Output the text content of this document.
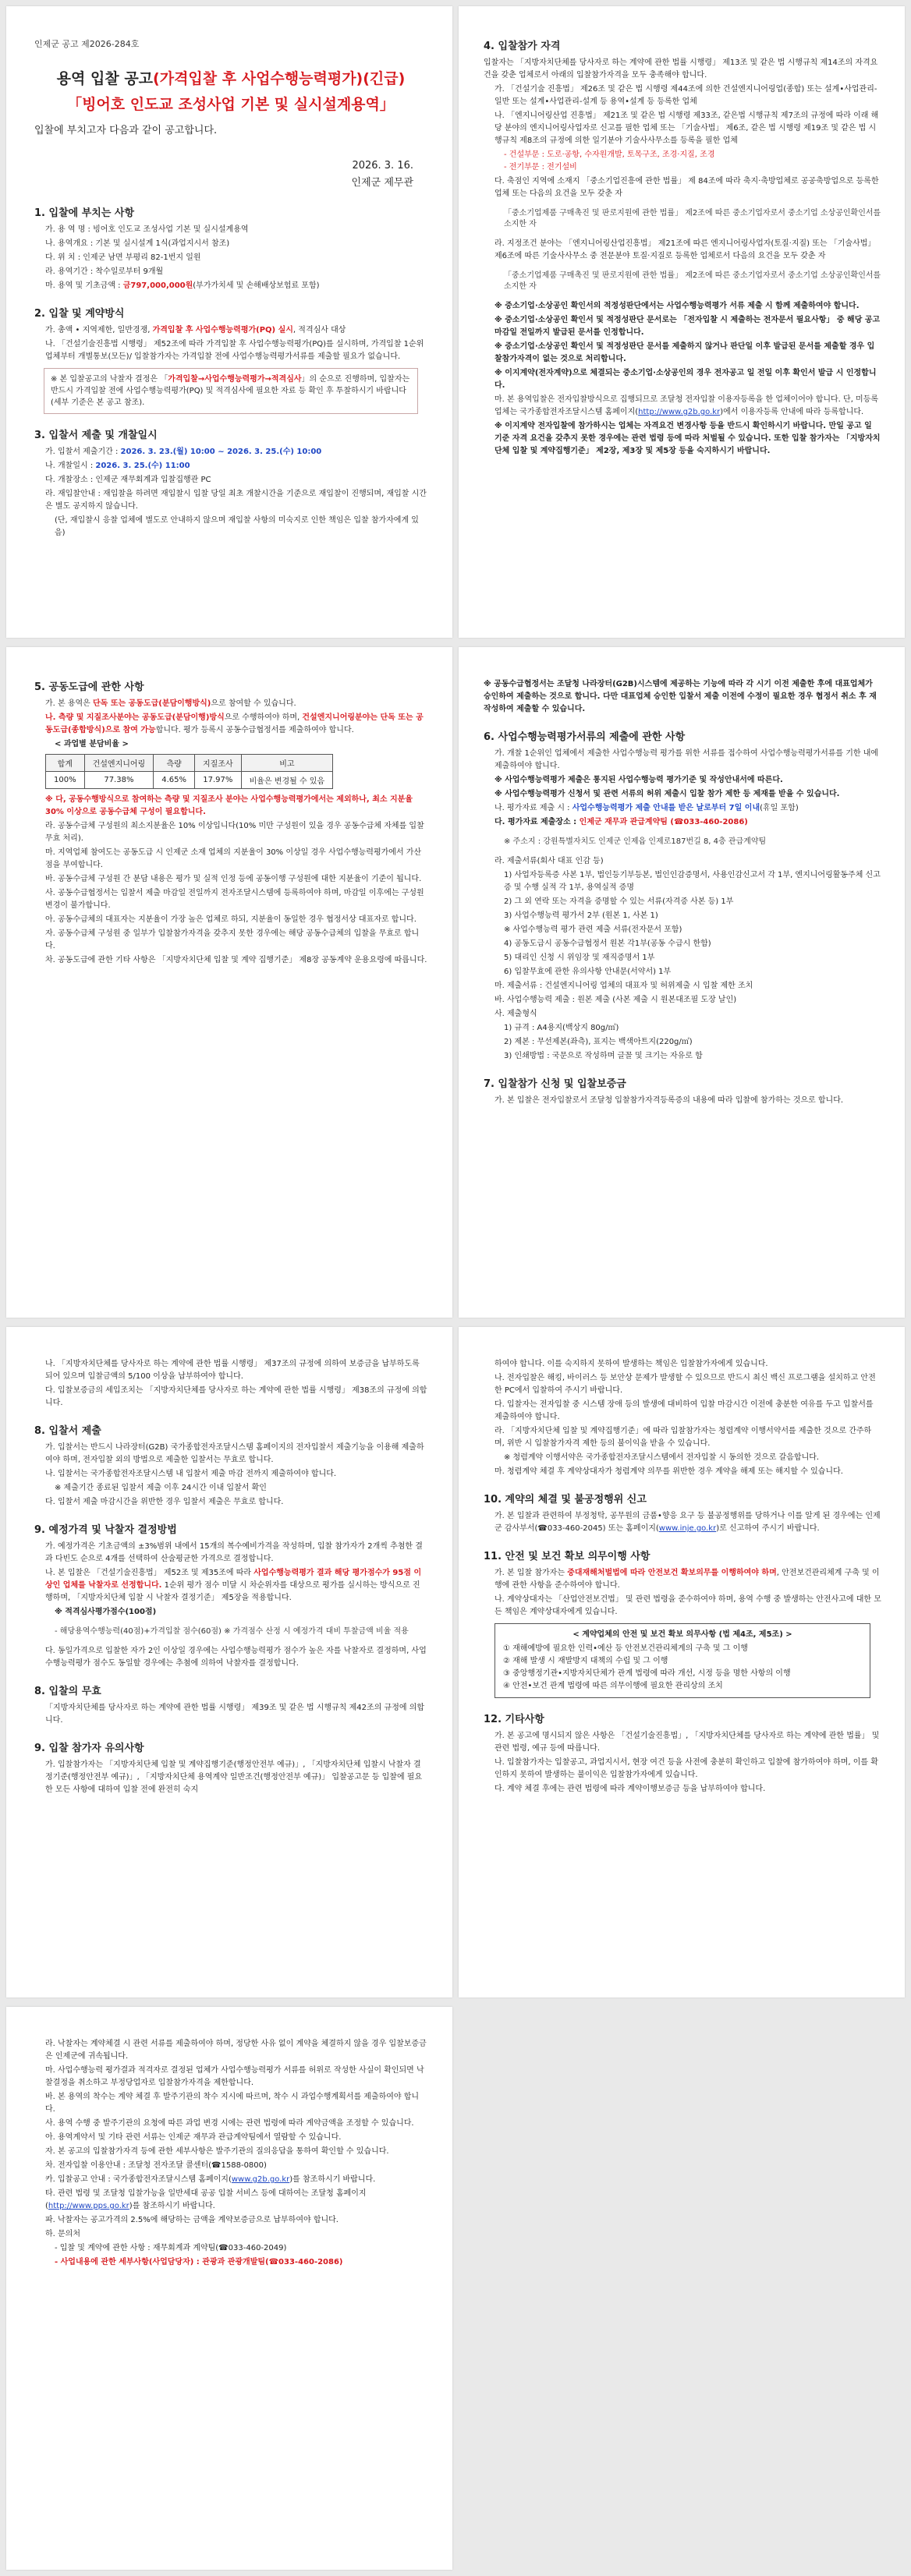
인제군 공고 제2026-284호
용역 입찰 공고(가격입찰 후 사업수행능력평가)(긴급)
「빙어호 인도교 조성사업 기본 및 실시설계용역」
입찰에 부치고자 다음과 같이 공고합니다.
2026. 3. 16.
인제군 제무관
1. 입찰에 부치는 사항

가. 용 역 명 : 빙어호 인도교 조성사업 기본 및 실시설계용역

나. 용역개요 : 기본 및 실시설계 1식(과업지시서 참조)

다. 위 치 : 인제군 남면 부평리 82-1번지 일원

라. 용역기간 : 착수일로부터 9개월

마. 용역 및 기초금액 : 금797,000,000원(부가가치세 및 손해배상보험료 포함)

2. 입찰 및 계약방식

가. 총액 • 지역제한, 일반경쟁, 가격입찰 후 사업수행능력평가(PQ) 실시, 적격심사 대상

나. 「건설기술진흥법 시행령」 제52조에 따라 가격입찰 후 사업수행능력평가(PQ)를 실시하며, 가격입찰 1순위 업체부터 개별통보(모든)/ 입찰참가자는 가격입찰 전에 사업수행능력평가서류를 제출할 필요가 없습니다.

※ 본 입찰공고의 낙찰자 결정은 「가격입찰→사업수행능력평가→적격심사」의 순으로 진행하며, 입찰자는 반드시 가격입찰 전에 사업수행능력평가(PQ) 및 적격심사에 필요한 자료 등 확인 후 투찰하시기 바랍니다 (세부 기준은 본 공고 참조).
3. 입찰서 제출 및 개찰일시

가. 입찰서 제출기간 : 2026. 3. 23.(월) 10:00 ~ 2026. 3. 25.(수) 10:00

나. 개찰일시 : 2026. 3. 25.(수) 11:00

다. 개찰장소 : 인제군 재무회계과 입찰집행관 PC

라. 재입찰안내 : 재입찰을 하려면 재입찰시 입찰 당일 최초 개찰시간을 기준으로 재입찰이 진행되며, 재입찰 시간은 별도 공지하지 않습니다.

(단, 재입찰시 응찰 업체에 별도로 안내하지 않으며 재입찰 사항의 미숙지로 인한 책임은 입찰 참가자에게 있음)

4. 입찰참가 자격

입찰자는 「지방자치단체를 당사자로 하는 계약에 관한 법률 시행령」 제13조 및 같은 법 시행규칙 제14조의 자격요건을 갖춘 업체로서 아래의 입찰참가자격을 모두 충족해야 합니다.

가. 「건설기술 진흥법」 제26조 및 같은 법 시행령 제44조에 의한 건설엔지니어링업(종합) 또는 설계•사업관리-일반 또는 설계•사업관리-설계 등 용역•설계 등 등록한 업체

나. 「엔지니어링산업 진흥법」 제21조 및 같은 법 시행령 제33조, 같은법 시행규칙 제7조의 규정에 따라 이래 해당 분야의 엔지니어링사업자로 신고를 필한 업체 또는 「기술사법」 제6조, 같은 법 시행령 제19조 및 같은 법 시행규칙 제8조의 규정에 의한 일기분야 기술사사무소를 등록을 필한 업체

- 건설부문 : 도로·공항, 수자원개발, 토목구조, 조경·지질, 조경
- 전기부문 : 전기설비

다. 축점인 지역에 소재지 「중소기업진흥에 관한 법률」 제 84조에 따라 축지·축방업체로 공공축방업으로 등록한 업체 또는 다음의 요건을 모두 갖춘 자

「중소기업제품 구매촉진 및 판로지원에 관한 법률」 제2조에 따른 중소기업자로서 중소기업 소상공인확인서를 소지한 자

라. 지정조건 분야는 「엔지니어링산업진흥법」 제21조에 따른 엔지니어링사업자(토질·지질) 또는 「기술사법」 제6조에 따른 기술사사무소 중 전문분야 토질·지질로 등록한 업체로서 다음의 요건을 모두 갖춘 자

「중소기업제품 구매촉진 및 판로지원에 관한 법률」 제2조에 따른 중소기업자로서 중소기업 소상공인확인서를 소지한 자

※ 중소기업·소상공인 확인서의 적정성판단에서는 사업수행능력평가 서류 제출 시 함께 제출하여야 합니다.

※ 중소기업·소상공인 확인서 및 적정성판단 문서로는 「전자입찰 시 제출하는 전자문서 필요사항」 중 해당 공고 마감일 전일까지 발급된 문서를 인정합니다.

※ 중소기업·소상공인 확인서 및 적정성판단 문서를 제출하지 않거나 판단일 이후 발급된 문서를 제출할 경우 입찰참가자격이 없는 것으로 처리합니다.

※ 이지계약(전자계약)으로 체결되는 중소기업·소상공인의 경우 전자공고 일 전일 이후 확인서 발급 시 인정합니다.

마. 본 용역입찰은 전자입찰방식으로 집행되므로 조달청 전자입찰 이용자등록을 한 업체이어야 합니다. 단, 미등록 업체는 국가종합전자조달시스템 홈페이지(http://www.g2b.go.kr)에서 이용자등록 안내에 따라 등록합니다.

※ 이지계약 전자입찰에 참가하시는 업체는 자격요건 변경사항 등을 반드시 확인하시기 바랍니다. 만일 공고 일 기준 자격 요건을 갖추지 못한 경우에는 관련 법령 등에 따라 처벌될 수 있습니다. 또한 입찰 참가자는 「지방자치단체 입찰 및 계약집행기준」 제2장, 제3장 및 제5장 등을 숙지하시기 바랍니다.

5. 공동도급에 관한 사항

가. 본 용역은 단독 또는 공동도급(분담이행방식)으로 참여할 수 있습니다.

나. 측량 및 지질조사분야는 공동도급(분담이행)방식으로 수행하여야 하며, 건설엔지니어링분야는 단독 또는 공동도급(종합방식)으로 참여 가능합니다. 평가 등록시 공동수급협정서를 제출하여야 합니다.

< 과업별 분담비율 >

합계	건설엔지니어링	측량	지질조사	비고
100%	77.38%	4.65%	17.97%	비율은 변경될 수 있음

※ 다, 공동수행방식으로 참여하는 측량 및 지질조사 분야는 사업수행능력평가에서는 제외하나, 최소 지분율 30% 이상으로 공동수급체 구성이 필요합니다.

라. 공동수급체 구성원의 최소지분율은 10% 이상입니다(10% 미만 구성원이 있을 경우 공동수급체 자체를 입찰무효 처리).

마. 지역업체 참여도는 공동도급 시 인제군 소재 업체의 지분율이 30% 이상일 경우 사업수행능력평가에서 가산점을 부여합니다.

바. 공동수급체 구성원 간 분담 내용은 평가 및 실적 인정 등에 공동이행 구성원에 대한 지분율이 기준이 됩니다.

사. 공동수급협정서는 입찰서 제출 마감일 전일까지 전자조달시스템에 등록하여야 하며, 마감일 이후에는 구성원 변경이 불가합니다.

아. 공동수급체의 대표자는 지분율이 가장 높은 업체로 하되, 지분율이 동일한 경우 협정서상 대표자로 합니다.

자. 공동수급체 구성원 중 일부가 입찰참가자격을 갖추지 못한 경우에는 해당 공동수급체의 입찰을 무효로 합니다.

차. 공동도급에 관한 기타 사항은 「지방자치단체 입찰 및 계약 집행기준」 제8장 공동계약 운용요령에 따릅니다.

※ 공동수급협정서는 조달청 나라장터(G2B)시스템에 제공하는 기능에 따라 각 시기 이전 제출한 후에 대표업체가 승인하여 제출하는 것으로 합니다. 다만 대표업체 승인한 입찰서 제출 이전에 수정이 필요한 경우 협정서 취소 후 재작성하여 제출할 수 있습니다.

6. 사업수행능력평가서류의 제출에 관한 사항

가. 개찰 1순위인 업체에서 제출한 사업수행능력 평가를 위한 서류를 접수하여 사업수행능력평가서류를 기한 내에 제출하여야 합니다.

※ 사업수행능력평가 제출은 통지된 사업수행능력 평가기준 및 작성안내서에 따른다.

※ 사업수행능력평가 신청서 및 관련 서류의 허위 제출시 입찰 참가 제한 등 제재를 받을 수 있습니다.

나. 평가자료 제출 시 : 사업수행능력평가 제출 안내를 받은 날로부터 7일 이내(휴일 포함)

다. 평가자료 제출장소 : 인제군 재무과 관급계약팀 (☎033-460-2086)

※ 주소지 : 강원특별자치도 인제군 인제읍 인제로187번길 8, 4층 관급계약팀

라. 제출서류(회사 대표 인감 등)

1) 사업자등록증 사본 1부, 법인등기부등본, 법인인감증명서, 사용인감신고서 각 1부, 엔지니어링활동주체 신고증 및 수행 실적 각 1부, 용역실적 증명

2) 그 외 연락 또는 자격을 증명할 수 있는 서류(자격증 사본 등) 1부

3) 사업수행능력 평가서 2부 (원본 1, 사본 1)

※ 사업수행능력 평가 관련 제출 서류(전자문서 포함)

4) 공동도급시 공동수급협정서 원본 각1부(공동 수급시 한함)

5) 대리인 신청 시 위임장 및 재직증명서 1부

6) 입찰무효에 관한 유의사항 안내문(서약서) 1부

마. 제출서류 : 건설엔지니어링 업체의 대표자 및 허위제출 시 입찰 제한 조치

바. 사업수행능력 제출 : 원본 제출 (사본 제출 시 원본대조필 도장 날인)

사. 제출형식

1) 규격 : A4용지(백상지 80g/㎡)

2) 제본 : 무선제본(좌측), 표지는 백색아트지(220g/㎡)

3) 인쇄방법 : 국문으로 작성하며 글꼴 및 크기는 자유로 함

7. 입찰참가 신청 및 입찰보증금

가. 본 입찰은 전자입찰로서 조달청 입찰참가자격등록증의 내용에 따라 입찰에 참가하는 것으로 합니다.

나. 「지방자치단체를 당사자로 하는 계약에 관한 법률 시행령」 제37조의 규정에 의하여 보증금을 납부하도록 되어 있으며 입찰금액의 5/100 이상을 납부하여야 합니다.

다. 입찰보증금의 세입조치는 「지방자치단체를 당사자로 하는 계약에 관한 법률 시행령」 제38조의 규정에 의합니다.

8. 입찰서 제출

가. 입찰서는 반드시 나라장터(G2B) 국가종합전자조달시스템 홈페이지의 전자입찰서 제출기능을 이용해 제출하여야 하며, 전자입찰 외의 방법으로 제출한 입찰서는 무효로 합니다.

나. 입찰서는 국가종합전자조달시스템 내 입찰서 제출 마감 전까지 제출하여야 합니다.

※ 제출기간 종료된 입찰서 제출 이후 24시간 이내 입찰서 확인

다. 입찰서 제출 마감시간을 위반한 경우 입찰서 제출은 무효로 합니다.

9. 예정가격 및 낙찰자 결정방법

가. 예정가격은 기초금액의 ±3%범위 내에서 15개의 복수예비가격을 작성하며, 입찰 참가자가 2개씩 추첨한 결과 다빈도 순으로 4개를 선택하여 산술평균한 가격으로 결정합니다.

나. 본 입찰은 「건설기술진흥법」 제52조 및 제35조에 따라 사업수행능력평가 결과 해당 평가점수가 95점 이상인 업체를 낙찰자로 선정합니다. 1순위 평가 점수 미달 시 차순위자를 대상으로 평가를 실시하는 방식으로 진행하며, 「지방자치단체 입찰 시 낙찰자 결정기준」 제5장을 적용합니다.

※ 적격심사평가점수(100점)

- 해당용역수행능력(40점)+가격입찰 점수(60점) ※ 가격점수 산정 시 예정가격 대비 투찰금액 비율 적용

다. 동일가격으로 입찰한 자가 2인 이상일 경우에는 사업수행능력평가 점수가 높은 자를 낙찰자로 결정하며, 사업수행능력평가 점수도 동일할 경우에는 추첨에 의하여 낙찰자를 결정합니다.

8. 입찰의 무효

「지방자치단체를 당사자로 하는 계약에 관한 법률 시행령」 제39조 및 같은 법 시행규칙 제42조의 규정에 의합니다.

9. 입찰 참가자 유의사항

가. 입찰참가자는 「지방자치단체 입찰 및 계약집행기준(행정안전부 예규)」, 「지방자치단체 입찰시 낙찰자 결정기준(행정안전부 예규)」, 「지방자치단체 용역계약 일반조건(행정안전부 예규)」 입찰공고문 등 입찰에 필요한 모든 사항에 대하여 입찰 전에 완전히 숙지

하여야 합니다. 이를 숙지하지 못하여 발생하는 책임은 입찰참가자에게 있습니다.

나. 전자입찰은 해킹, 바이러스 등 보안상 문제가 발생할 수 있으므로 반드시 최신 백신 프로그램을 설치하고 안전한 PC에서 입찰하여 주시기 바랍니다.

다. 입찰자는 전자입찰 중 시스템 장애 등의 발생에 대비하여 입찰 마감시간 이전에 충분한 여유를 두고 입찰서를 제출하여야 합니다.

라. 「지방자치단체 입찰 및 계약집행기준」에 따라 입찰참가자는 청렴계약 이행서약서를 제출한 것으로 간주하며, 위반 시 입찰참가자격 제한 등의 불이익을 받을 수 있습니다.

※ 청렴계약 이행서약은 국가종합전자조달시스템에서 전자입찰 시 동의한 것으로 갈음합니다.

마. 청렴계약 체결 후 계약상대자가 청렴계약 의무를 위반한 경우 계약을 해제 또는 해지할 수 있습니다.

10. 계약의 체결 및 불공정행위 신고

가. 본 입찰과 관련하여 부정청탁, 공무원의 금품•향응 요구 등 불공정행위를 당하거나 이를 알게 된 경우에는 인제군 감사부서(☎033-460-2045) 또는 홈페이지(www.inje.go.kr)로 신고하여 주시기 바랍니다.

11. 안전 및 보건 확보 의무이행 사항

가. 본 입찰 참가자는 중대재해처벌법에 따라 안전보건 확보의무를 이행하여야 하며, 안전보건관리체계 구축 및 이행에 관한 사항을 준수하여야 합니다.

나. 계약상대자는 「산업안전보건법」 및 관련 법령을 준수하여야 하며, 용역 수행 중 발생하는 안전사고에 대한 모든 책임은 계약상대자에게 있습니다.

< 계약업체의 안전 및 보건 확보 의무사항 (법 제4조, 제5조) >
① 재해예방에 필요한 인력•예산 등 안전보건관리체계의 구축 및 그 이행
② 재해 발생 시 재발방지 대책의 수립 및 그 이행
③ 중앙행정기관•지방자치단체가 관계 법령에 따라 개선, 시정 등을 명한 사항의 이행
④ 안전•보건 관계 법령에 따른 의무이행에 필요한 관리상의 조치
12. 기타사항

가. 본 공고에 명시되지 않은 사항은 「건설기술진흥법」, 「지방자치단체를 당사자로 하는 계약에 관한 법률」 및 관련 법령, 예규 등에 따릅니다.

나. 입찰참가자는 입찰공고, 과업지시서, 현장 여건 등을 사전에 충분히 확인하고 입찰에 참가하여야 하며, 이를 확인하지 못하여 발생하는 불이익은 입찰참가자에게 있습니다.

다. 계약 체결 후에는 관련 법령에 따라 계약이행보증금 등을 납부하여야 합니다.

라. 낙찰자는 계약체결 시 관련 서류를 제출하여야 하며, 정당한 사유 없이 계약을 체결하지 않을 경우 입찰보증금은 인제군에 귀속됩니다.

마. 사업수행능력 평가결과 적격자로 결정된 업체가 사업수행능력평가 서류를 허위로 작성한 사실이 확인되면 낙찰결정을 취소하고 부정당업자로 입찰참가자격을 제한합니다.

바. 본 용역의 착수는 계약 체결 후 발주기관의 착수 지시에 따르며, 착수 시 과업수행계획서를 제출하여야 합니다.

사. 용역 수행 중 발주기관의 요청에 따른 과업 변경 시에는 관련 법령에 따라 계약금액을 조정할 수 있습니다.

아. 용역계약서 및 기타 관련 서류는 인제군 재무과 관급계약팀에서 열람할 수 있습니다.

자. 본 공고의 입찰참가자격 등에 관한 세부사항은 발주기관의 질의응답을 통하여 확인할 수 있습니다.

차. 전자입찰 이용안내 : 조달청 전자조달 콜센터(☎1588-0800)

카. 입찰공고 안내 : 국가종합전자조달시스템 홈페이지(www.g2b.go.kr)를 참조하시기 바랍니다.

타. 관련 법령 및 조달청 입찰가능을 일반세대 공공 입찰 서비스 등에 대하여는 조달청 홈페이지(http://www.pps.go.kr)를 참조하시기 바랍니다.

파. 낙찰자는 공고가격의 2.5%에 해당하는 금액을 계약보증금으로 납부하여야 합니다.

하. 문의처

- 입찰 및 계약에 관한 사항 : 재무회계과 계약팀(☎033-460-2049)

- 사업내용에 관한 세부사항(사업담당자) : 관광과 관광개발팀(☎033-460-2086)
